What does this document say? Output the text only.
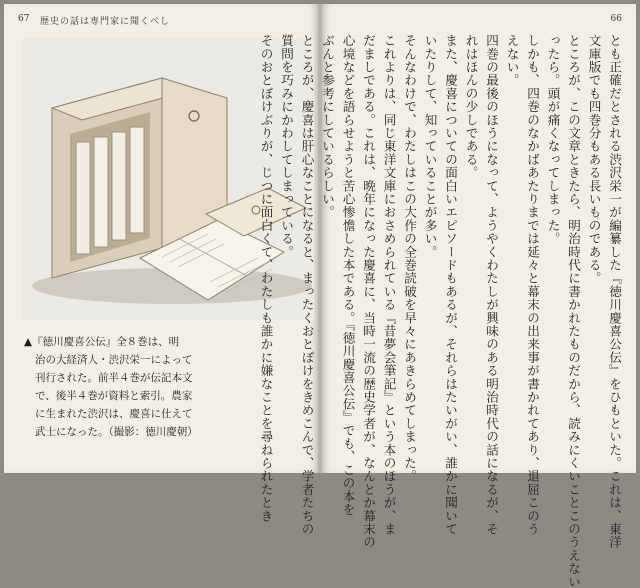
67 歴史の話は専門家に聞くべし
▲『徳川慶喜公伝』全８巻は、明
治の大経済人・渋沢栄一によって
刊行された。前半４巻が伝記本文
で、後半４巻が資料と索引。農家
に生まれた渋沢は、慶喜に仕えて
武士になった。（撮影：徳川慶朝）
66
とも正確だとされる渋沢栄一が編纂した『徳川慶喜公伝』をひもといた。これは、東洋
文庫版でも四巻分もある長いものである。
ところが、この文章ときたら、明治時代に書かれたものだから、読みにくいことこのうえない
ったら。頭が痛くなってしまった。
しかも、四巻のなかばあたりまでは延々と幕末の出来事が書かれてあり、退屈このう
えない。
四巻の最後のほうになって、ようやくわたしが興味のある明治時代の話になるが、そ
れはほんの少しである。
また、慶喜についての面白いエピソードもあるが、それらはたいがい、誰かに聞いて
いたりして、知っていることが多い。
そんなわけで、わたしはこの大作の全巻読破を早々にあきらめてしまった。
これよりは、同じ東洋文庫におさめられている『昔夢会筆記』という本のほうが、ま
だましである。これは、晩年になった慶喜に、当時一流の歴史学者が、なんとか幕末の
心境などを語らせようと苦心惨憺した本である。『徳川慶喜公伝』でも、この本を
ぶんと参考にしているらしい。
ところが、慶喜は肝心なことになると、まったくおとぼけをきめこんで、学者たちの
質問を巧みにかわしてしまっている。
そのおとぼけぶりが、じつに面白くて、わたしも誰かに嫌なことを尋ねられたとき
